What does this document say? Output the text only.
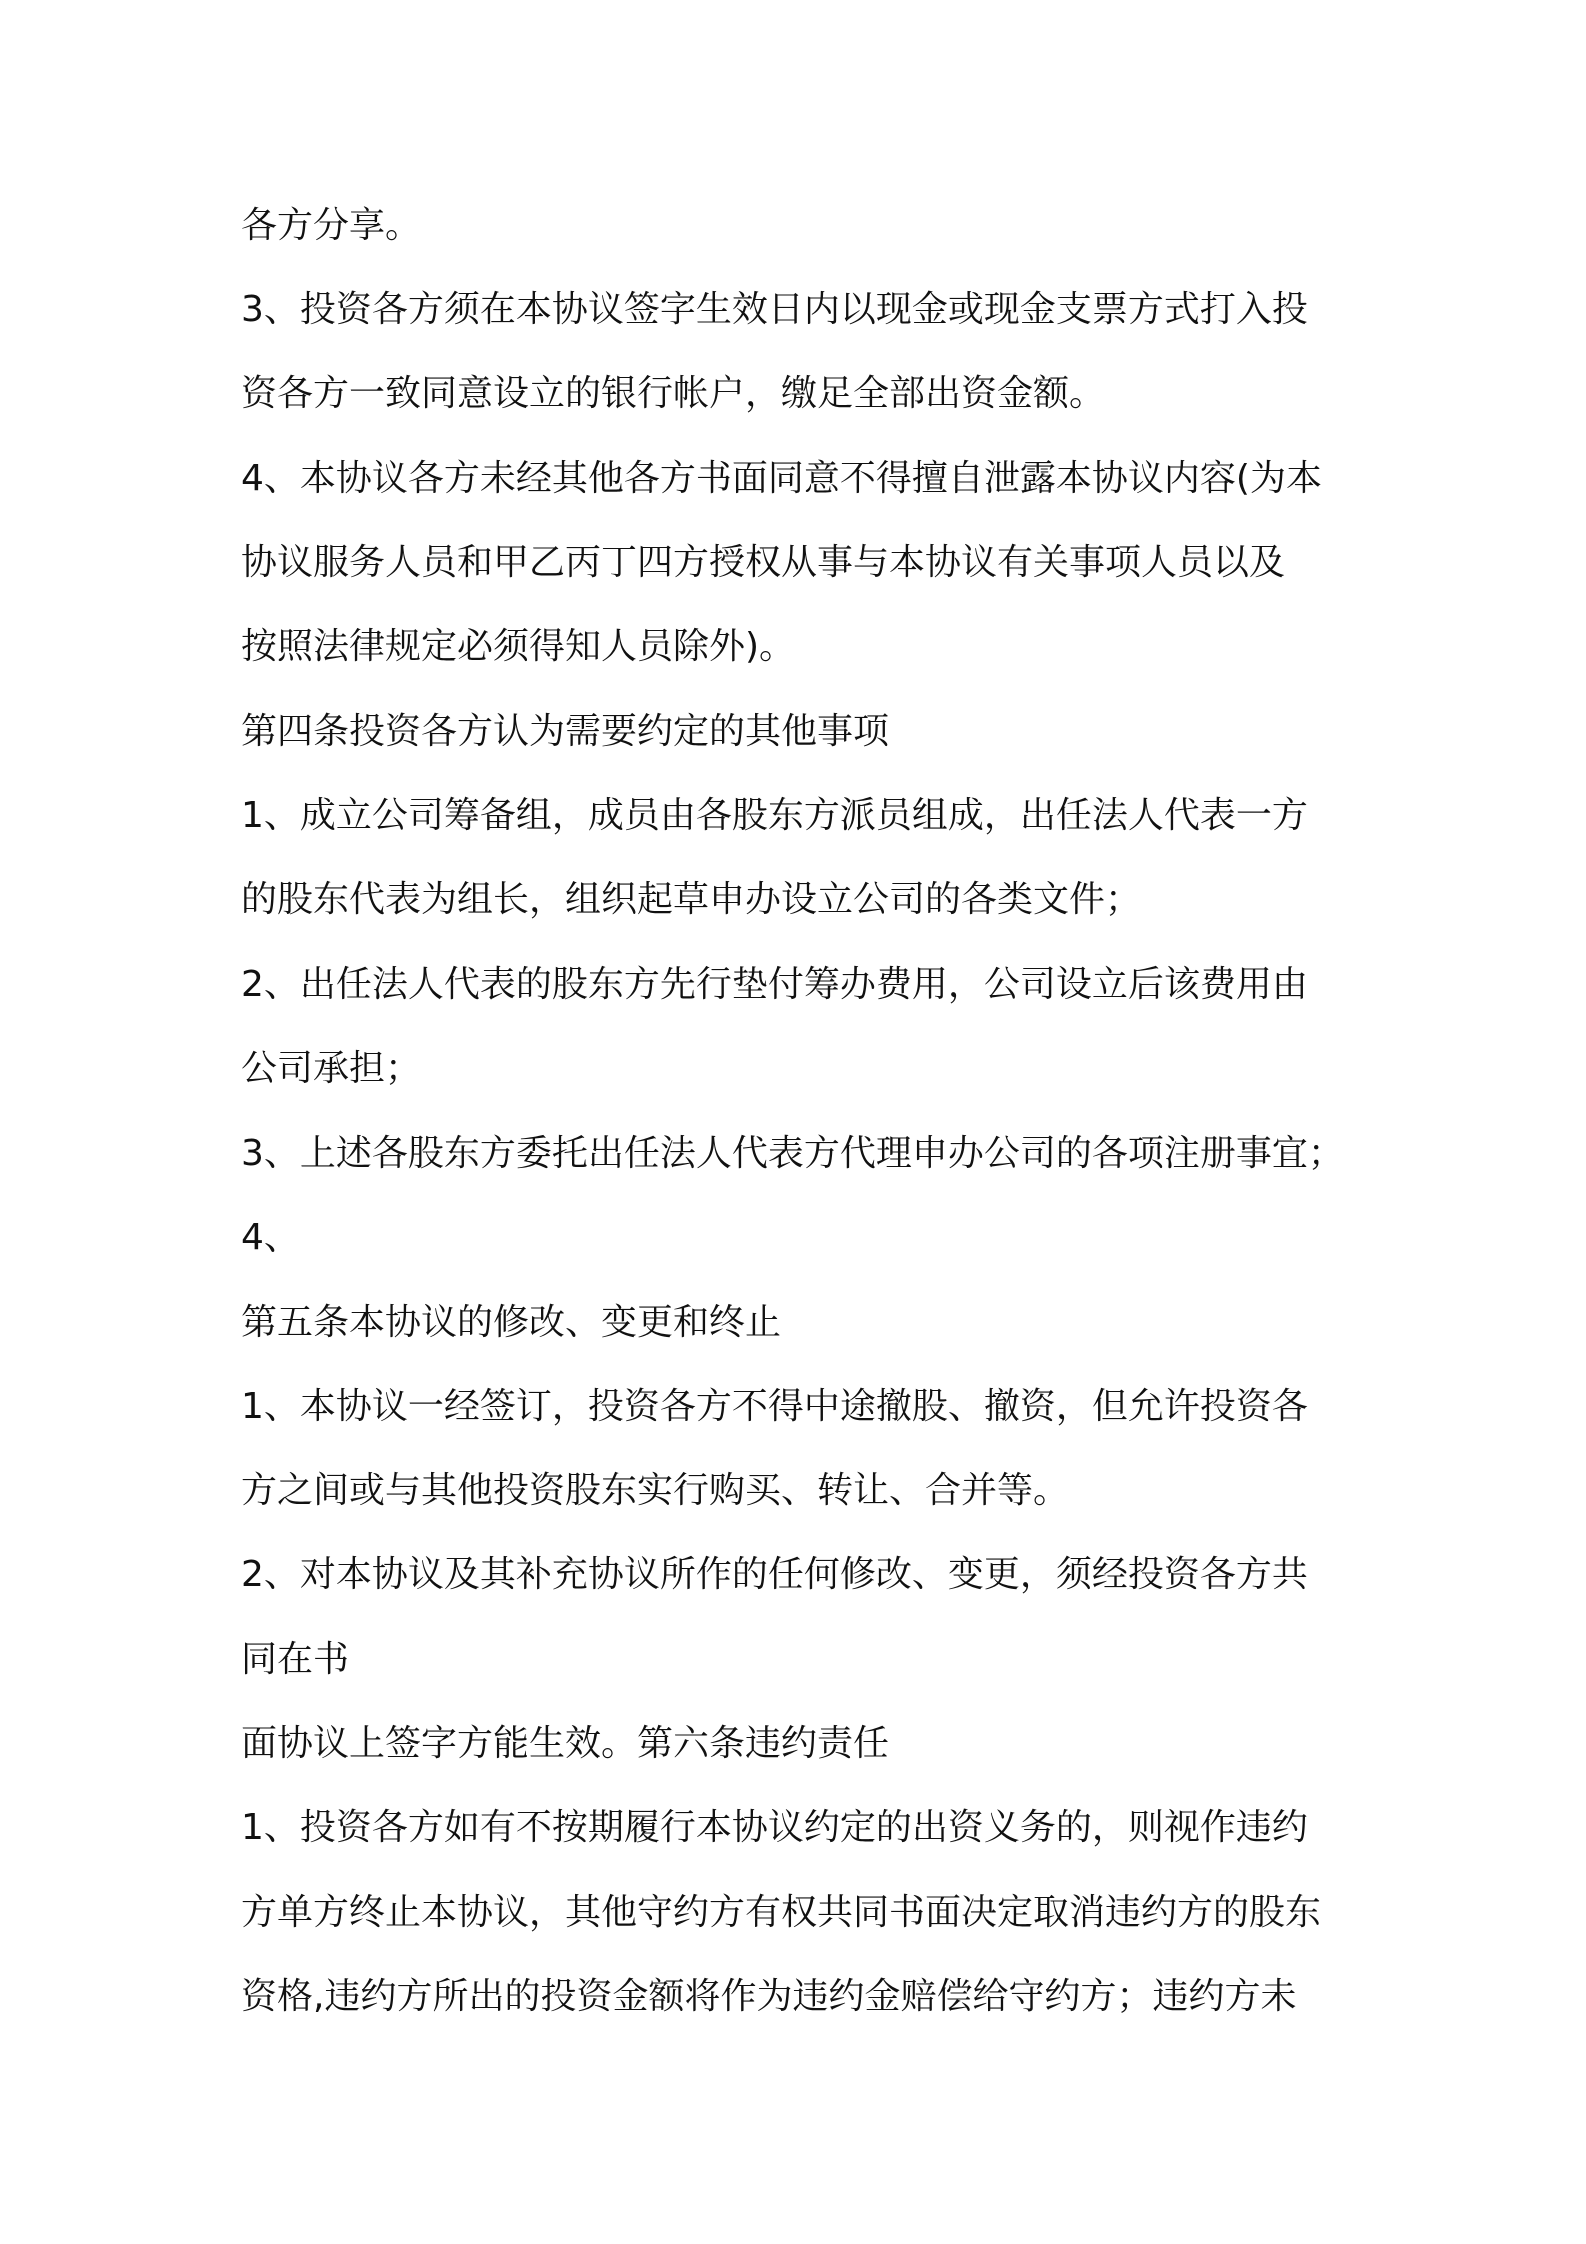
各方分享。

3、投资各方须在本协议签字生效日内以现金或现金支票方式打入投

资各方一致同意设立的银行帐户，缴足全部出资金额。

4、本协议各方未经其他各方书面同意不得擅自泄露本协议内容(为本

协议服务人员和甲乙丙丁四方授权从事与本协议有关事项人员以及

按照法律规定必须得知人员除外)。

第四条投资各方认为需要约定的其他事项

1、成立公司筹备组，成员由各股东方派员组成，出任法人代表一方

的股东代表为组长，组织起草申办设立公司的各类文件；

2、出任法人代表的股东方先行垫付筹办费用，公司设立后该费用由

公司承担；

3、上述各股东方委托出任法人代表方代理申办公司的各项注册事宜；

4、

第五条本协议的修改、变更和终止

1、本协议一经签订，投资各方不得中途撤股、撤资，但允许投资各

方之间或与其他投资股东实行购买、转让、合并等。

2、对本协议及其补充协议所作的任何修改、变更，须经投资各方共

同在书

面协议上签字方能生效。第六条违约责任

1、投资各方如有不按期履行本协议约定的出资义务的，则视作违约

方单方终止本协议，其他守约方有权共同书面决定取消违约方的股东

资格,违约方所出的投资金额将作为违约金赔偿给守约方；违约方未
